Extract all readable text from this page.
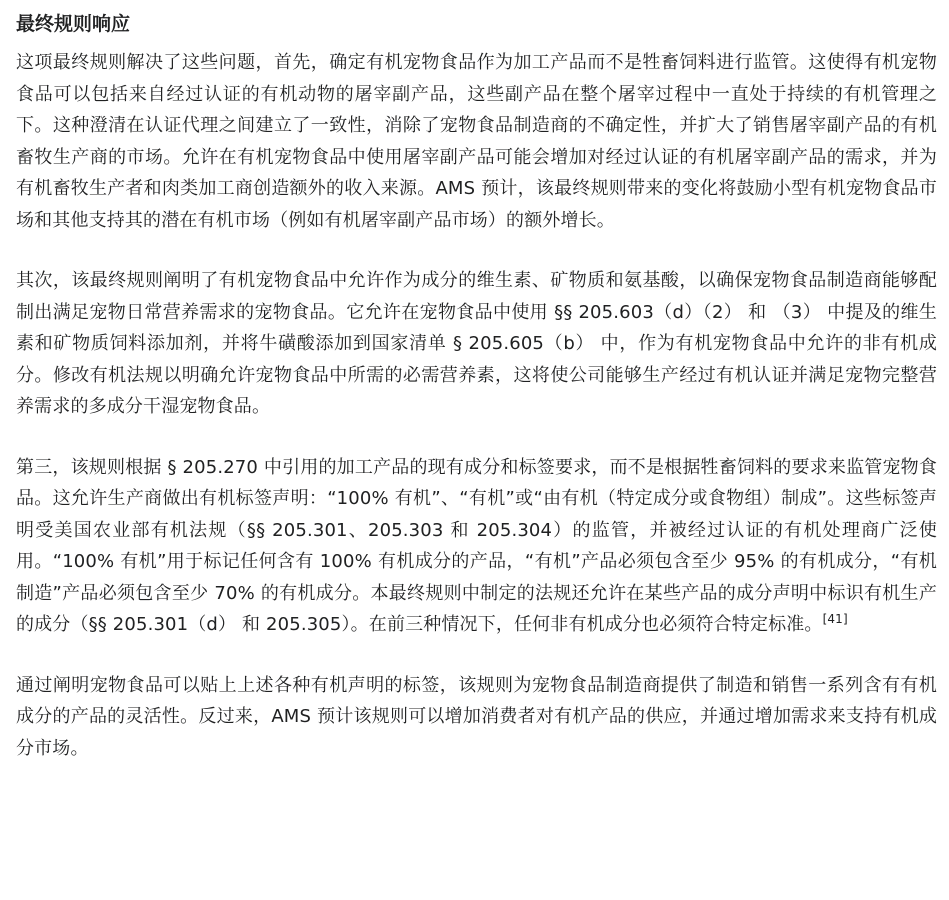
最终规则响应

这项最终规则解决了这些问题，首先，确定有机宠物食品作为加工产品而不是牲畜饲料进行监管。这使得有机宠物食品可以包括来自经过认证的有机动物的屠宰副产品，这些副产品在整个屠宰过程中一直处于持续的有机管理之下。这种澄清在认证代理之间建立了一致性，消除了宠物食品制造商的不确定性，并扩大了销售屠宰副产品的有机畜牧生产商的市场。允许在有机宠物食品中使用屠宰副产品可能会增加对经过认证的有机屠宰副产品的需求，并为有机畜牧生产者和肉类加工商创造额外的收入来源。AMS 预计，该最终规则带来的变化将鼓励小型有机宠物食品市场和其他支持其的潜在有机市场（例如有机屠宰副产品市场）的额外增长。

其次，该最终规则阐明了有机宠物食品中允许作为成分的维生素、矿物质和氨基酸，以确保宠物食品制造商能够配制出满足宠物日常营养需求的宠物食品。它允许在宠物食品中使用 §§ 205.603（d）（2） 和 （3） 中提及的维生素和矿物质饲料添加剂，并将牛磺酸添加到国家清单 § 205.605（b） 中，作为有机宠物食品中允许的非有机成分。修改有机法规以明确允许宠物食品中所需的必需营养素，这将使公司能够生产经过有机认证并满足宠物完整营养需求的多成分干湿宠物食品。

第三，该规则根据 § 205.270 中引用的加工产品的现有成分和标签要求，而不是根据牲畜饲料的要求来监管宠物食品。这允许生产商做出有机标签声明：“100% 有机”、“有机”或“由有机（特定成分或食物组）制成”。这些标签声明受美国农业部有机法规（§§ 205.301、205.303 和 205.304）的监管，并被经过认证的有机处理商广泛使用。“100% 有机”用于标记任何含有 100% 有机成分的产品，“有机”产品必须包含至少 95% 的有机成分，“有机制造”产品必须包含至少 70% 的有机成分。本最终规则中制定的法规还允许在某些产品的成分声明中标识有机生产的成分（§§ 205.301（d） 和 205.305）。在前三种情况下，任何非有机成分也必须符合特定标准。[41]

通过阐明宠物食品可以贴上上述各种有机声明的标签，该规则为宠物食品制造商提供了制造和销售一系列含有有机成分的产品的灵活性。反过来，AMS 预计该规则可以增加消费者对有机产品的供应，并通过增加需求来支持有机成分市场。
